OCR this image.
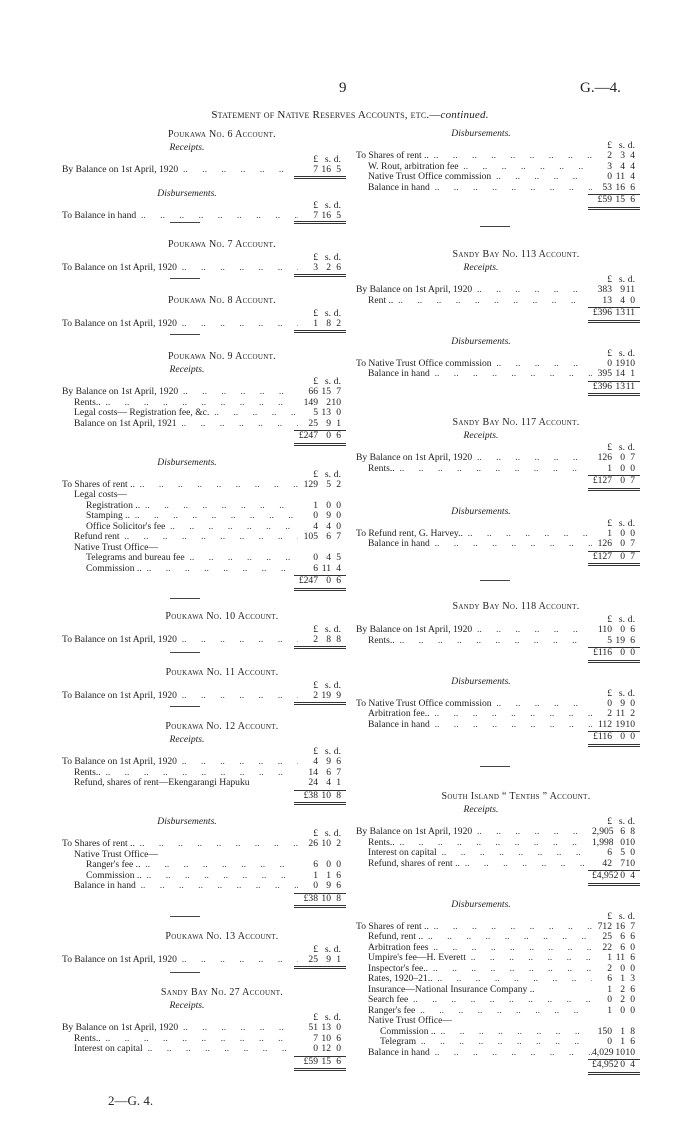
9	G.—4.
Statement of Native Reserves Accounts, etc.—continued.
Poukawa No. 6 Account.
Receipts.
£ s. d.
By Balance on 1st April, 1920 ..	7 16 5
Disbursements.
£ s. d.
To Balance in hand ..	7 16 5
Poukawa No. 7 Account.
£ s. d.
To Balance on 1st April, 1920 ..	3 2 6
Poukawa No. 8 Account.
£ s. d.
To Balance on 1st April, 1920 ..	1 8 2
Poukawa No. 9 Account.
Receipts.
£ s. d.
By Balance on 1st April, 1920 ..	66 15 7
Rents.. ..	149 2 10
Legal costs— Registration fee, &c. ..	5 13 0
Balance on 1st April, 1921 ..	25 9 1
£247 0 6
Disbursements.
£ s. d.
To Shares of rent .. ..	129 5 2
Legal costs—
Registration .. ..	1 0 0
Stamping .. ..	0 9 0
Office Solicitor's fee ..	4 4 0
Refund rent ..	105 6 7
Native Trust Office—
Telegrams and bureau fee ..	0 4 5
Commission .. ..	6 11 4
£247 0 6
Poukawa No. 10 Account.
£ s. d.
To Balance on 1st April, 1920 ..	2 8 8
Poukawa No. 11 Account.
£ s. d.
To Balance on 1st April, 1920 ..	2 19 9
Poukawa No. 12 Account.
Receipts.
£ s. d.
To Balance on 1st April, 1920 ..	4 9 6
Rents.. ..	14 6 7
Refund, shares of rent—Ekengarangi Hapuku	24 4 1
£38 10 8
Disbursements.
£ s. d.
To Shares of rent .. ..	26 10 2
Native Trust Office—
Ranger's fee .. ..	6 0 0
Commission .. ..	1 1 6
Balance in hand ..	0 9 6
£38 10 8
Poukawa No. 13 Account.
£ s. d.
To Balance on 1st April, 1920 ..	25 9 1
Sandy Bay No. 27 Account.
Receipts.
£ s. d.
By Balance on 1st April, 1920 ..	51 13 0
Rents.. ..	7 10 6
Interest on capital ..	0 12 0
£59 15 6
Disbursements.
£ s. d.
To Shares of rent .. ..	2 3 4
W. Rout, arbitration fee ..	3 4 4
Native Trust Office commission ..	0 11 4
Balance in hand ..	53 16 6
£59 15 6
Sandy Bay No. 113 Account.
Receipts.
£ s. d.
By Balance on 1st April, 1920 ..	383 9 11
Rent .. ..	13 4 0
£396 13 11
Disbursements.
£ s. d.
To Native Trust Office commission ..	0 19 10
Balance in hand ..	395 14 1
£396 13 11
Sandy Bay No. 117 Account.
Receipts.
£ s. d.
By Balance on 1st April, 1920 ..	126 0 7
Rents.. ..	1 0 0
£127 0 7
Disbursements.
£ s. d.
To Refund rent, G. Harvey.. ..	1 0 0
Balance in hand ..	126 0 7
£127 0 7
Sandy Bay No. 118 Account.
£ s. d.
By Balance on 1st April, 1920 ..	110 0 6
Rents.. ..	5 19 6
£116 0 0
Disbursements.
£ s. d.
To Native Trust Office commission ..	0 9 0
Arbitration fee.. ..	2 11 2
Balance in hand ..	112 19 10
£116 0 0
South Island “ Tenths ” Account.
Receipts.
£ s. d.
By Balance on 1st April, 1920 ..	2,905 6 8
Rents.. ..	1,998 0 10
Interest on capital ..	6 5 0
Refund, shares of rent .. ..	42 7 10
£4,952 0 4
Disbursements.
£ s. d.
To Shares of rent .. ..	712 16 7
Refund, rent .. ..	25 6 6
Arbitration fees ..	22 6 0
Umpire's fee—H. Everett ..	1 11 6
Inspector's fee.. ..	2 0 0
Rates, 1920–21.. ..	6 1 3
Insurance—National Insurance Company ..	1 2 6
Search fee ..	0 2 0
Ranger's fee ..	1 0 0
Native Trust Office—
Commission .. ..	150 1 8
Telegram ..	0 1 6
Balance in hand ..	4,029 10 10
£4,952 0 4
2—G. 4.
